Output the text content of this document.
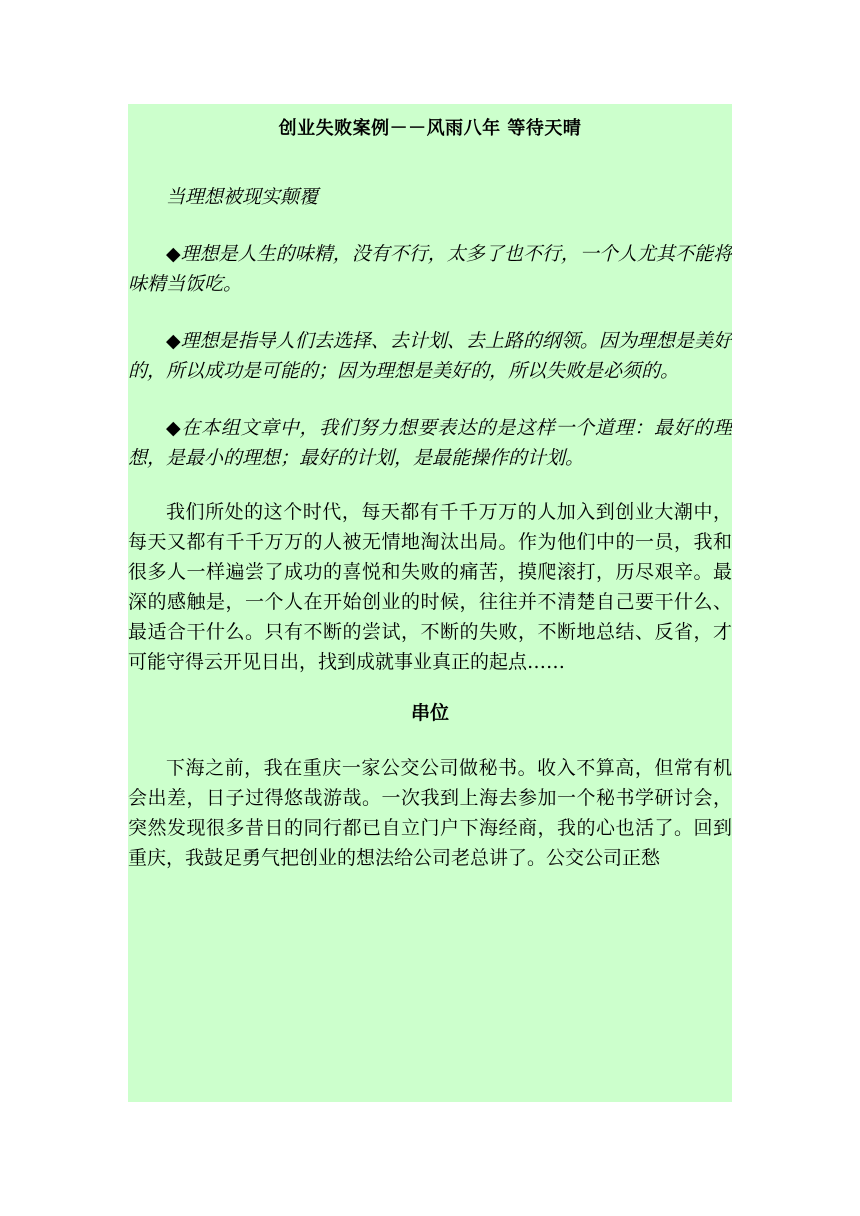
创业失败案例－－风雨八年 等待天晴

当理想被现实颠覆

◆理想是人生的味精，没有不行，太多了也不行，一个人尤其不能将味精当饭吃。

◆理想是指导人们去选择、去计划、去上路的纲领。因为理想是美好的，所以成功是可能的；因为理想是美好的，所以失败是必须的。

◆在本组文章中，我们努力想要表达的是这样一个道理：最好的理想，是最小的理想；最好的计划，是最能操作的计划。

我们所处的这个时代，每天都有千千万万的人加入到创业大潮中，每天又都有千千万万的人被无情地淘汰出局。作为他们中的一员，我和很多人一样遍尝了成功的喜悦和失败的痛苦，摸爬滚打，历尽艰辛。最深的感触是，一个人在开始创业的时候，往往并不清楚自己要干什么、最适合干什么。只有不断的尝试，不断的失败，不断地总结、反省，才可能守得云开见日出，找到成就事业真正的起点……

串位

下海之前，我在重庆一家公交公司做秘书。收入不算高，但常有机会出差，日子过得悠哉游哉。一次我到上海去参加一个秘书学研讨会，突然发现很多昔日的同行都已自立门户下海经商，我的心也活了。回到重庆，我鼓足勇气把创业的想法给公司老总讲了。公交公司正愁
